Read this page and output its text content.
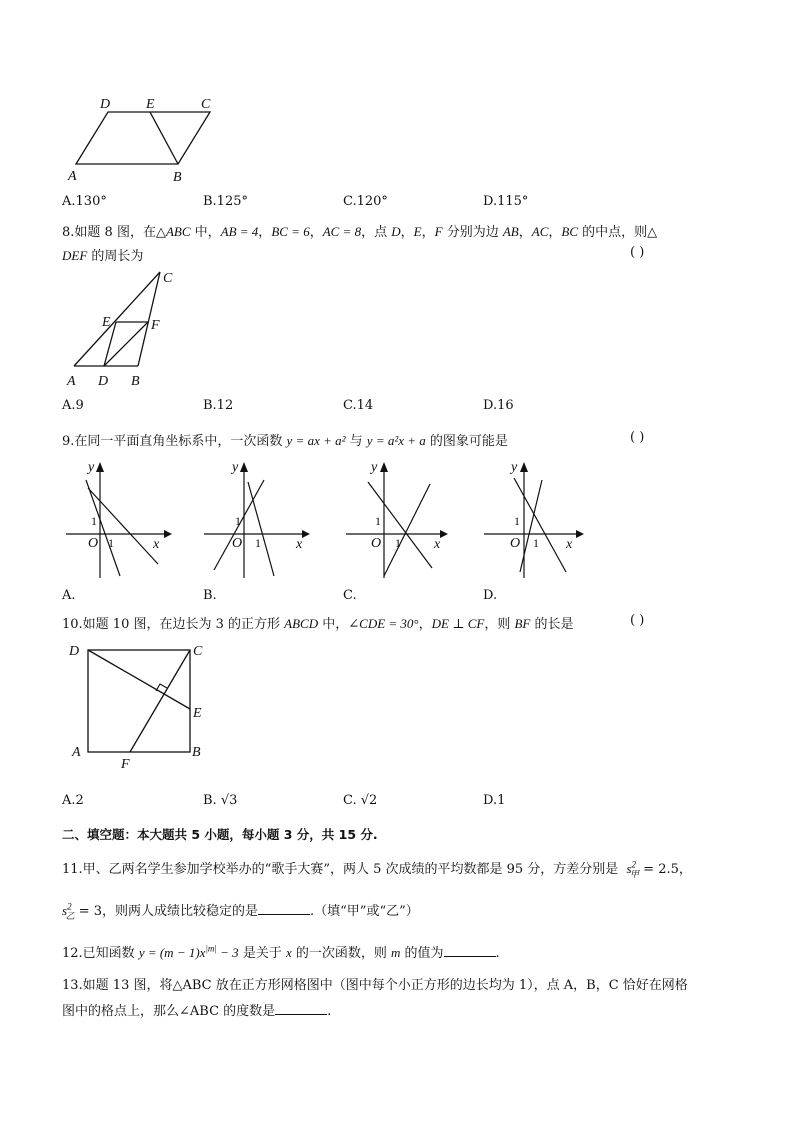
D	E	C
A	B
A.130°	B.125°	C.120°	D.115°
8.如题 8 图，在△ABC 中，AB = 4，BC = 6，AC = 8，点 D，E，F 分别为边 AB，AC，BC 的中点，则△
DEF 的周长为	( )
C
E	F
A D B
A.9	B.12	C.14	D.16
9.在同一平面直角坐标系中，一次函数 y = ax + a² 与 y = a²x + a 的图象可能是	( )
y
x
O
1
1
y
x
O
1
1
y
x
O
1
1
y
x
O
1
1
A.	B.	C.	D.
10.如题 10 图，在边长为 3 的正方形 ABCD 中，∠CDE = 30°，DE ⊥ CF，则 BF 的长是	( )
D	C
E
A	B
F
A.2	B. √3	C. √2	D.1
二、填空题：本大题共 5 小题，每小题 3 分，共 15 分.
11.甲、乙两名学生参加学校举办的“歌手大赛”，两人 5 次成绩的平均数都是 95 分，方差分别是 $s^2_甲 = 2.5$，
$s^2_乙 = 3$，则两人成绩比较稳定的是	.（填“甲”或“乙”）
12.已知函数 $y = (m - 1)x^{|m|} - 3$ 是关于 x 的一次函数，则 m 的值为	.
13.如题 13 图，将△ABC 放在正方形网格图中（图中每个小正方形的边长均为 1），点 A，B，C 恰好在网格
图中的格点上，那么∠ABC 的度数是	.
